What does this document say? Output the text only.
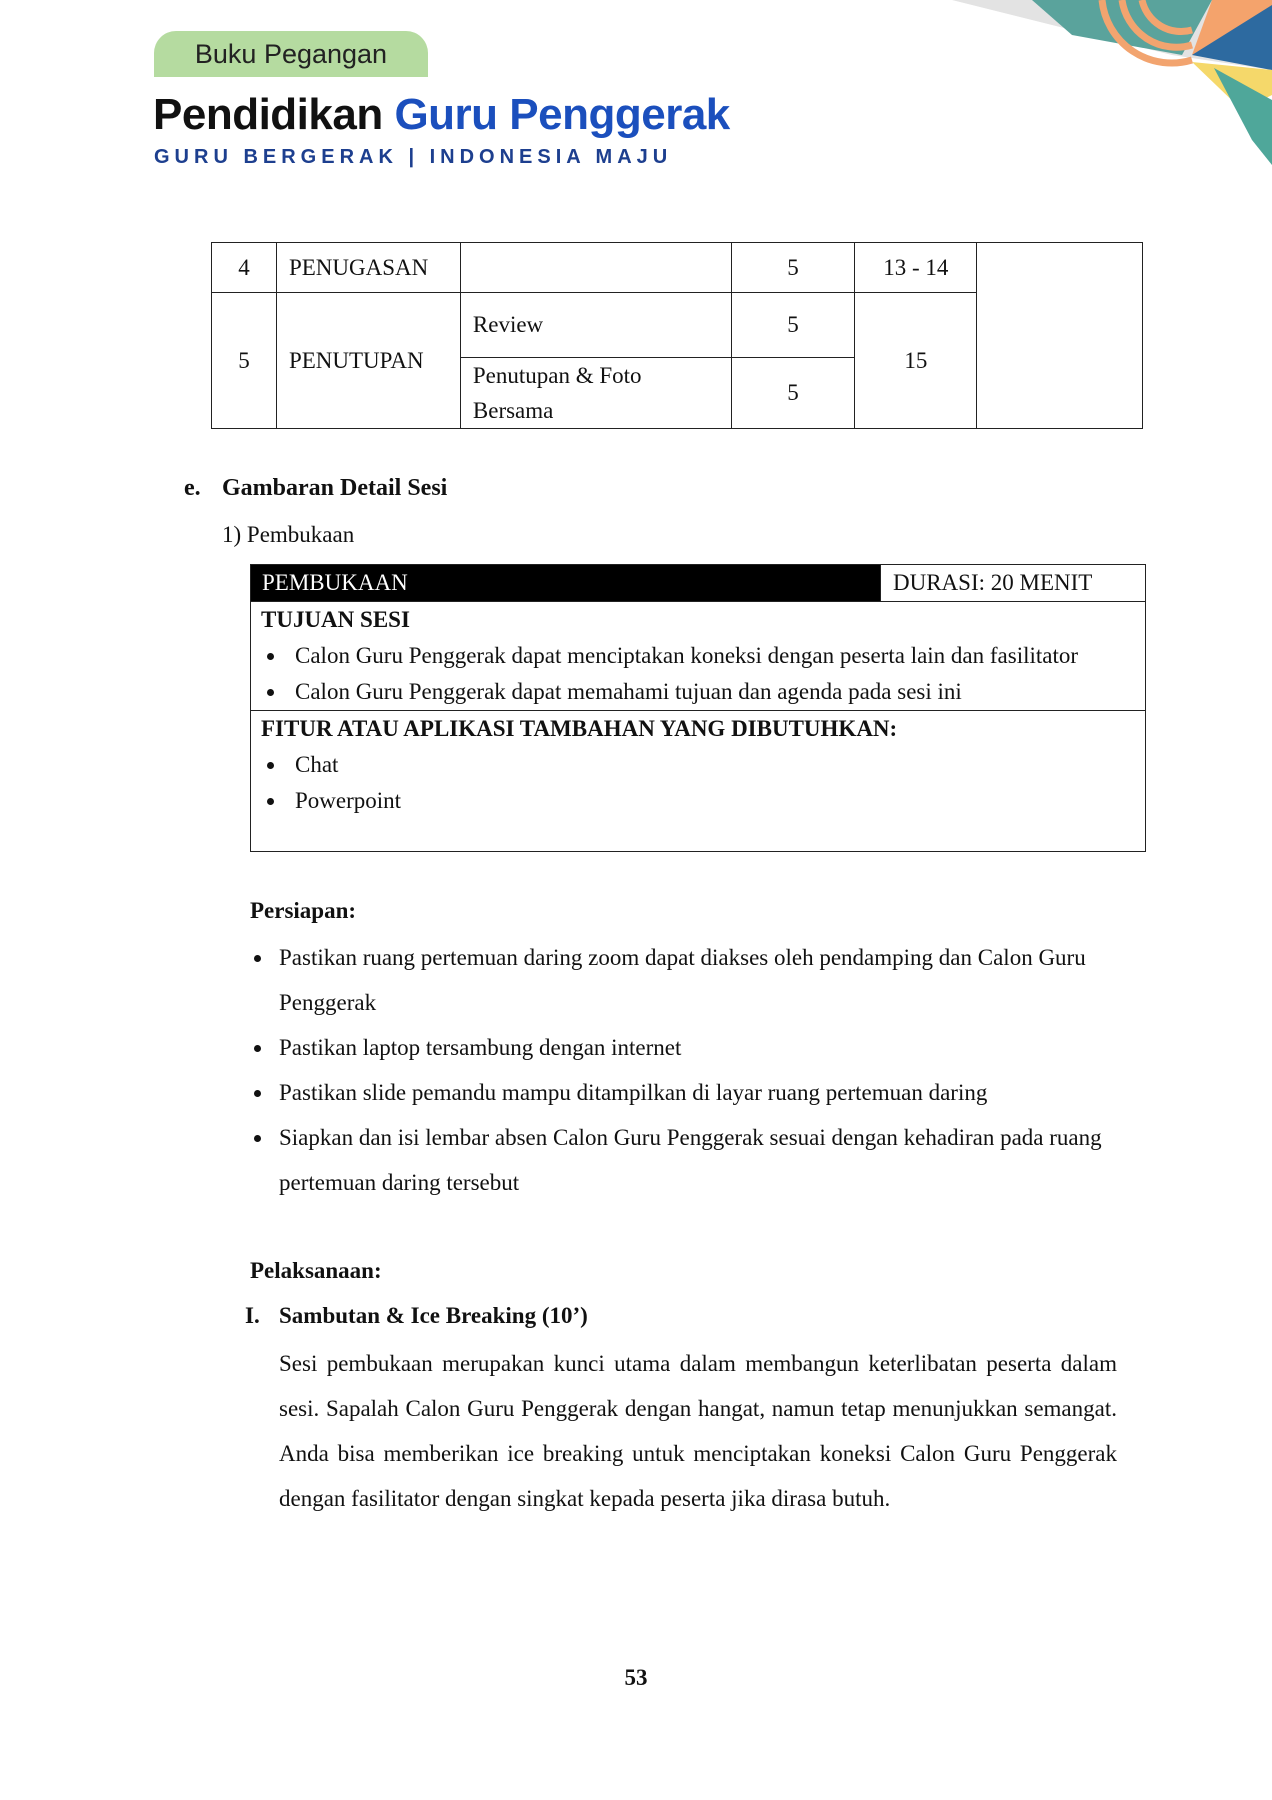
Buku Pegangan
Pendidikan Guru Penggerak
GURU BERGERAK | INDONESIA MAJU
4	PENUGASAN		5	13 - 14	
5	PENUTUPAN	Review	5	15	
		Penutupan & Foto Bersama	5		
e. Gambaran Detail Sesi
1) Pembukaan
PEMBUKAAN	DURASI: 20 MENIT
TUJUAN SESI
Calon Guru Penggerak dapat menciptakan koneksi dengan peserta lain dan fasilitator
Calon Guru Penggerak dapat memahami tujuan dan agenda pada sesi ini
FITUR ATAU APLIKASI TAMBAHAN YANG DIBUTUHKAN:
Chat
Powerpoint
Persiapan:
Pastikan ruang pertemuan daring zoom dapat diakses oleh pendamping dan Calon Guru Penggerak
Pastikan laptop tersambung dengan internet
Pastikan slide pemandu mampu ditampilkan di layar ruang pertemuan daring
Siapkan dan isi lembar absen Calon Guru Penggerak sesuai dengan kehadiran pada ruang pertemuan daring tersebut
Pelaksanaan:
I. Sambutan & Ice Breaking (10’)
Sesi pembukaan merupakan kunci utama dalam membangun keterlibatan peserta dalam sesi. Sapalah Calon Guru Penggerak dengan hangat, namun tetap menunjukkan semangat. Anda bisa memberikan ice breaking untuk menciptakan koneksi Calon Guru Penggerak dengan fasilitator dengan singkat kepada peserta jika dirasa butuh.
53
